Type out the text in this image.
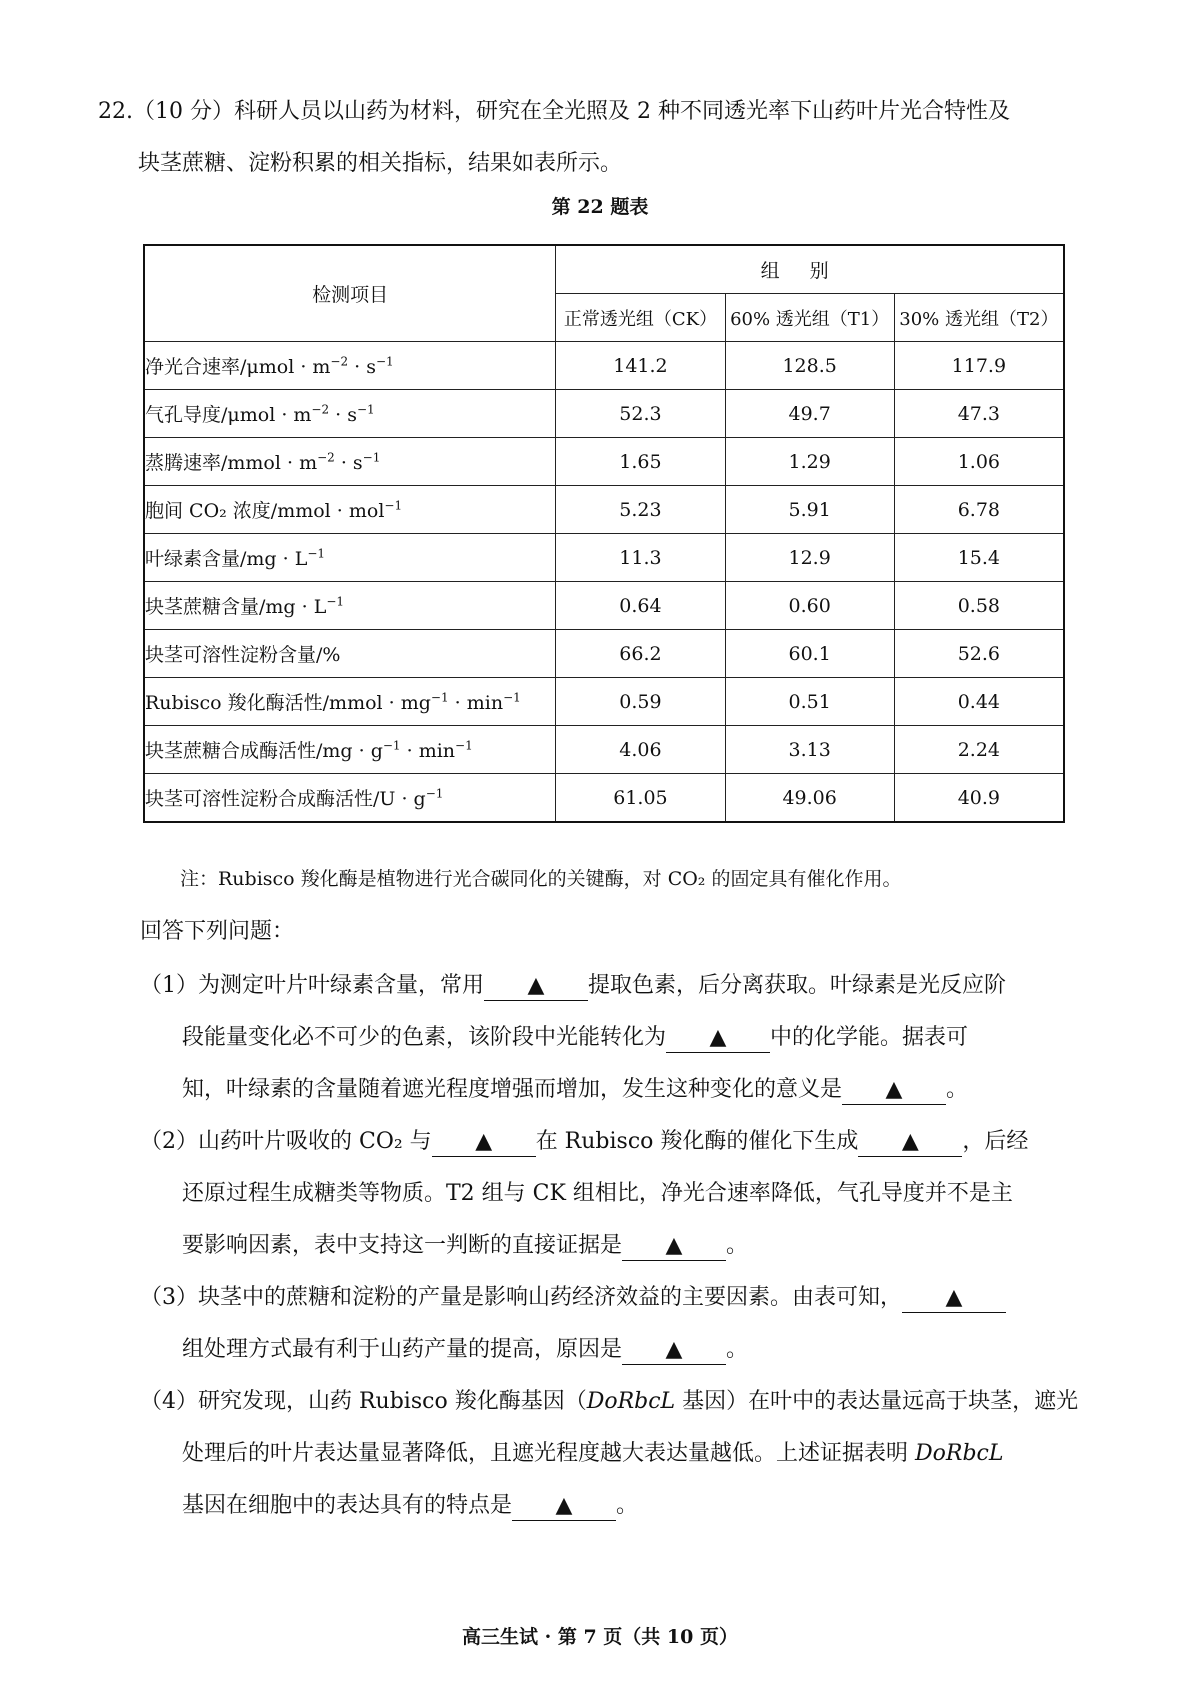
22.（10 分）科研人员以山药为材料，研究在全光照及 2 种不同透光率下山药叶片光合特性及
块茎蔗糖、淀粉积累的相关指标，结果如表所示。
第 22 题表
检测项目	组别		
	正常透光组（CK）	60% 透光组（T1）	30% 透光组（T2）
净光合速率$/\mu mol \cdot m^{-2} \cdot s^{-1}$	141.2	128.5	117.9
气孔导度$/\mu mol \cdot m^{-2} \cdot s^{-1}$	52.3	49.7	47.3
蒸腾速率/mmol · $m^{-2} \cdot s^{-1}$	1.65	1.29	1.06
胞间 CO₂ 浓度/mmol · mol$^{-1}$	5.23	5.91	6.78
叶绿素含量$/mg \cdot L^{-1}$	11.3	12.9	15.4
块茎蔗糖含量$/mg \cdot L^{-1}$	0.64	0.60	0.58
块茎可溶性淀粉含量/%	66.2	60.1	52.6
Rubisco 羧化酶活性/mmol · $mg^{-1} \cdot \min^{-1}$	0.59	0.51	0.44
块茎蔗糖合成酶活性$/mg \cdot g^{-1} \cdot \min^{-1}$	4.06	3.13	2.24
块茎可溶性淀粉合成酶活性$/U \cdot g^{-1}$	61.05	49.06	40.9
注：Rubisco 羧化酶是植物进行光合碳同化的关键酶，对 CO₂ 的固定具有催化作用。
回答下列问题：
（1）为测定叶片叶绿素含量，常用 ▲ 提取色素，后分离获取。叶绿素是光反应阶
段能量变化必不可少的色素，该阶段中光能转化为 ▲ 中的化学能。据表可
知，叶绿素的含量随着遮光程度增强而增加，发生这种变化的意义是 ▲ 。
（2）山药叶片吸收的 CO₂ 与 ▲ 在 Rubisco 羧化酶的催化下生成 ▲ ，后经
还原过程生成糖类等物质。T2 组与 CK 组相比，净光合速率降低，气孔导度并不是主
要影响因素，表中支持这一判断的直接证据是 ▲ 。
（3）块茎中的蔗糖和淀粉的产量是影响山药经济效益的主要因素。由表可知， ▲
组处理方式最有利于山药产量的提高，原因是 ▲ 。
（4）研究发现，山药 Rubisco 羧化酶基因（DoRbcL 基因）在叶中的表达量远高于块茎，遮光
处理后的叶片表达量显著降低，且遮光程度越大表达量越低。上述证据表明 DoRbcL
基因在细胞中的表达具有的特点是 ▲ 。
高三生试 · 第 7 页（共 10 页）
